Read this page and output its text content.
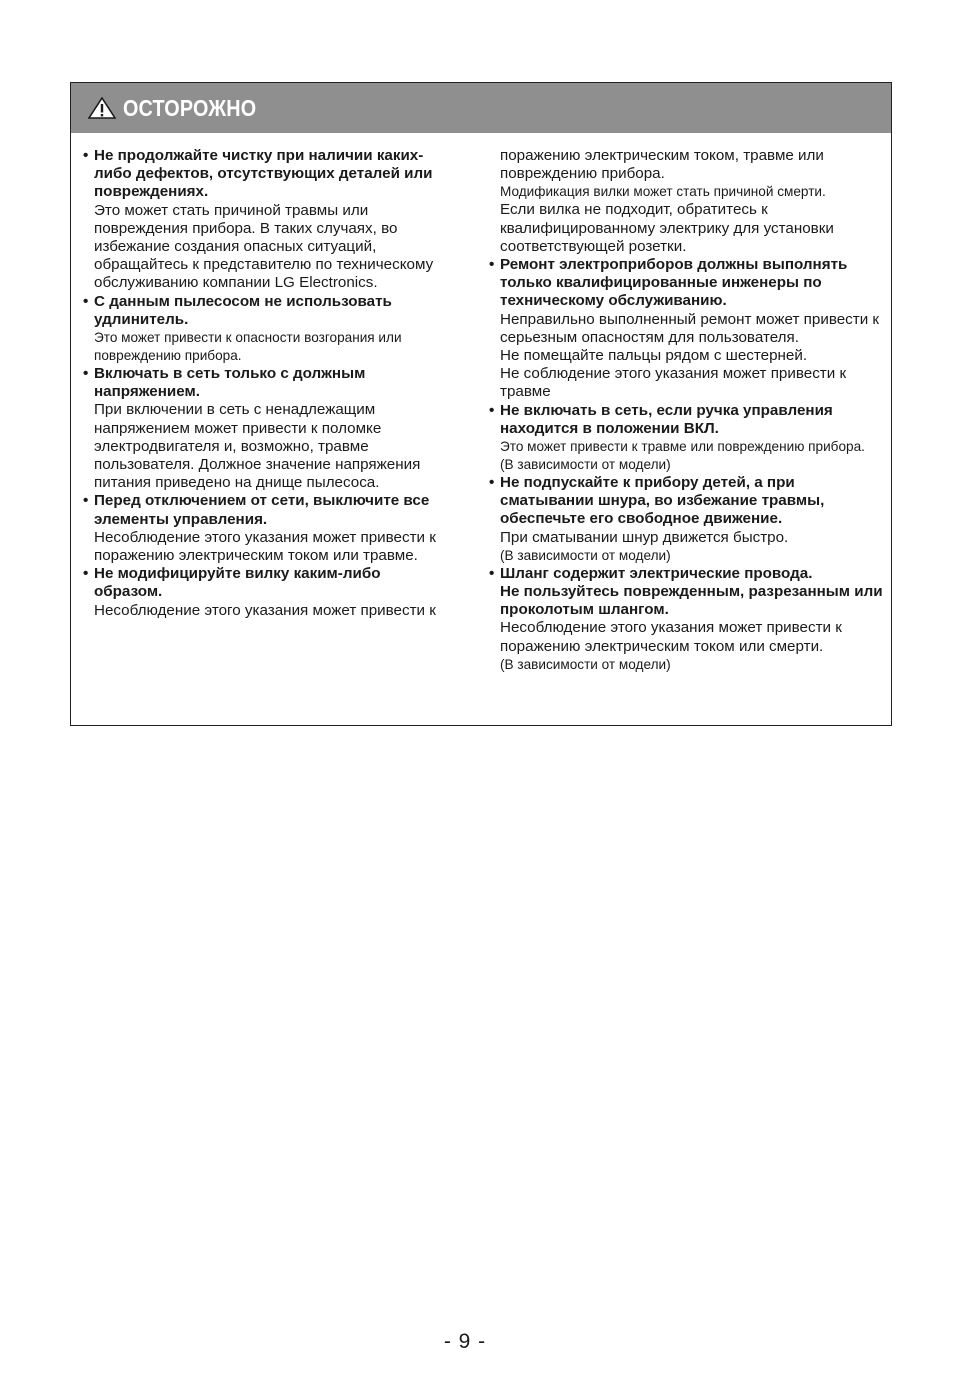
ОСТОРОЖНО
• Не продолжайте чистку при наличии каких-либо дефектов, отсутствующих деталей или повреждениях.
Это может стать причиной травмы или повреждения прибора. В таких случаях, во избежание создания опасных ситуаций, обращайтесь к представителю по техническому обслуживанию компании LG Electronics.
• С данным пылесосом не использовать удлинитель.
Это может привести к опасности возгорания или повреждению прибора.
• Включать в сеть только с должным напряжением.
При включении в сеть с ненадлежащим напряжением может привести к поломке электродвигателя и, возможно, травме пользователя. Должное значение напряжения питания приведено на днище пылесоса.
• Перед отключением от сети, выключите все элементы управления.
Несоблюдение этого указания может привести к поражению электрическим током или травме.
• Не модифицируйте вилку каким-либо образом.
Несоблюдение этого указания может привести к
поражению электрическим током, травме или повреждению прибора.
Модификация вилки может стать причиной смерти.
Если вилка не подходит, обратитесь к квалифицированному электрику для установки соответствующей розетки.
• Ремонт электроприборов должны выполнять только квалифицированные инженеры по техническому обслуживанию.
Неправильно выполненный ремонт может привести к серьезным опасностям для пользователя.
Не помещайте пальцы рядом с шестерней.
Не соблюдение этого указания может привести к травме
• Не включать в сеть, если ручка управления находится в положении ВКЛ.
Это может привести к травме или повреждению прибора.
(В зависимости от модели)
• Не подпускайте к прибору детей, а при сматывании шнура, во избежание травмы, обеспечьте его свободное движение.
При сматывании шнур движется быстро.
(В зависимости от модели)
• Шланг содержит электрические провода.
Не пользуйтесь поврежденным, разрезанным или проколотым шлангом.
Несоблюдение этого указания может привести к поражению электрическим током или смерти.
(В зависимости от модели)
- 9 -
